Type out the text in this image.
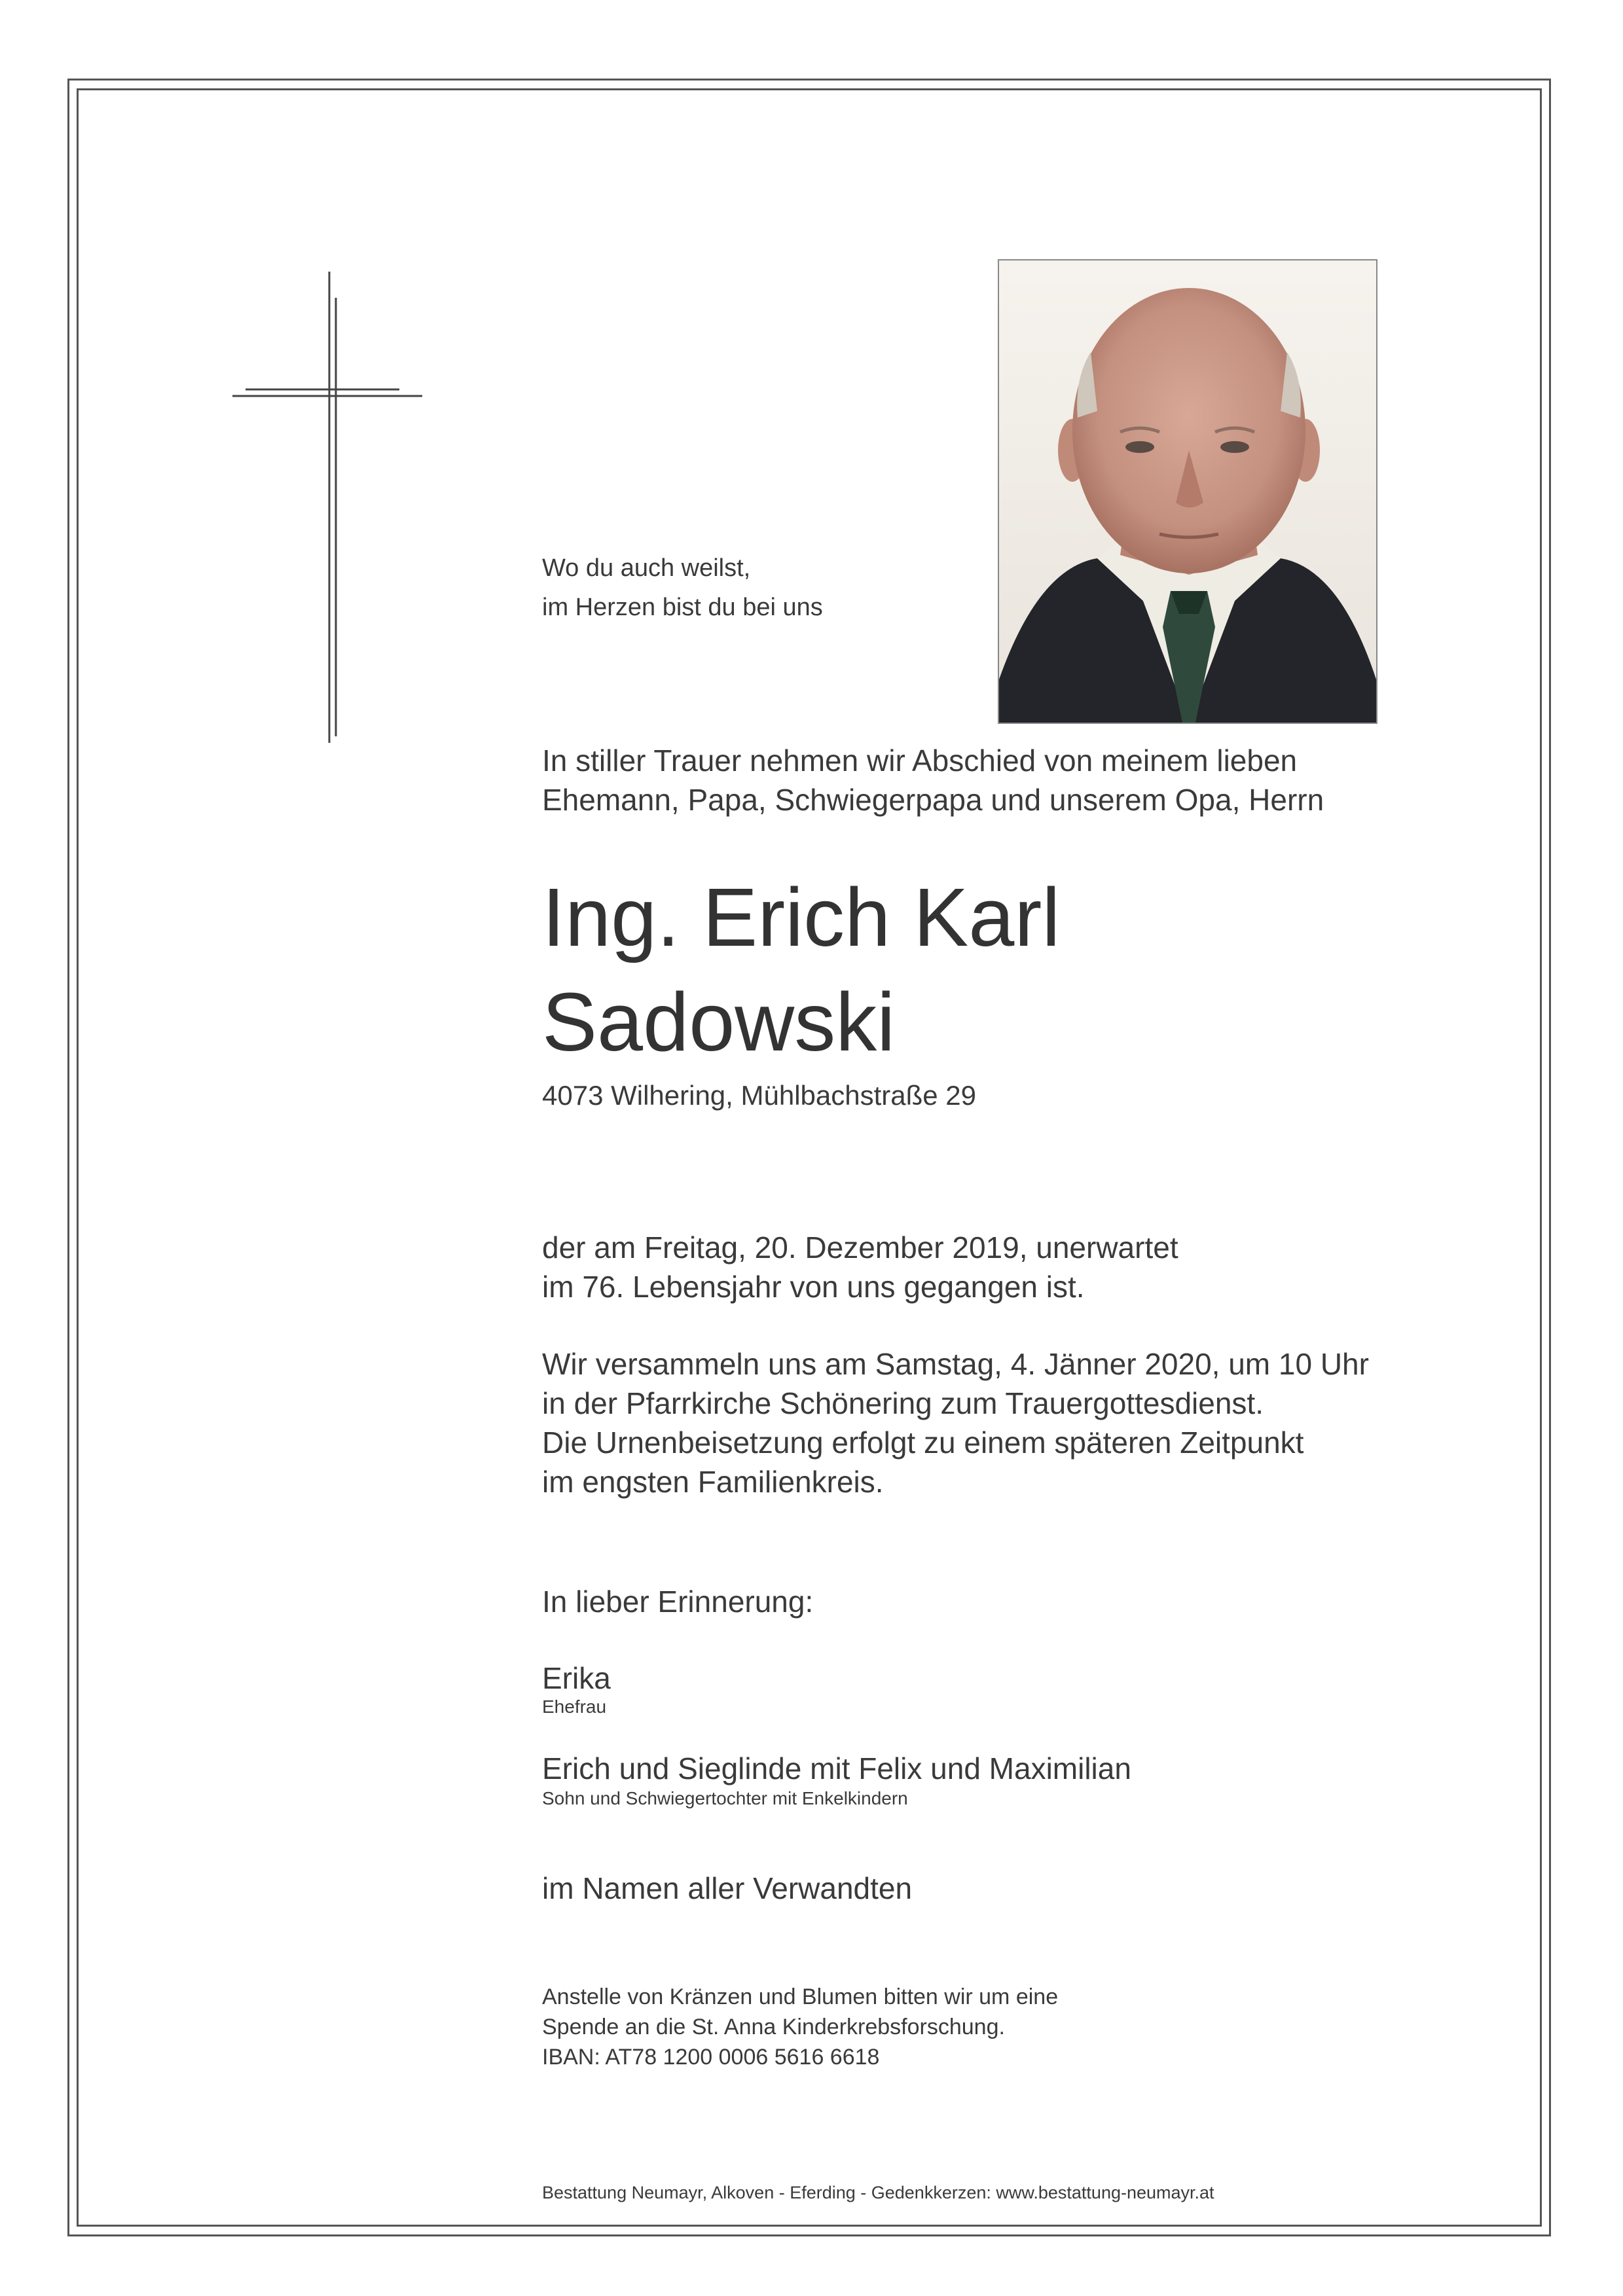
Wo du auch weilst,
im Herzen bist du bei uns
In stiller Trauer nehmen wir Abschied von meinem lieben
Ehemann, Papa, Schwiegerpapa und unserem Opa, Herrn
Ing. Erich Karl
Sadowski
4073 Wilhering, Mühlbachstraße 29
der am Freitag, 20. Dezember 2019, unerwartet
im 76. Lebensjahr von uns gegangen ist.
Wir versammeln uns am Samstag, 4. Jänner 2020, um 10 Uhr
in der Pfarrkirche Schönering zum Trauergottesdienst.
Die Urnenbeisetzung erfolgt zu einem späteren Zeitpunkt
im engsten Familienkreis.
In lieber Erinnerung:
Erika
Ehefrau
Erich und Sieglinde mit Felix und Maximilian
Sohn und Schwiegertochter mit Enkelkindern
im Namen aller Verwandten
Anstelle von Kränzen und Blumen bitten wir um eine
Spende an die St. Anna Kinderkrebsforschung.
IBAN: AT78 1200 0006 5616 6618
Bestattung Neumayr, Alkoven - Eferding - Gedenkkerzen: www.bestattung-neumayr.at
